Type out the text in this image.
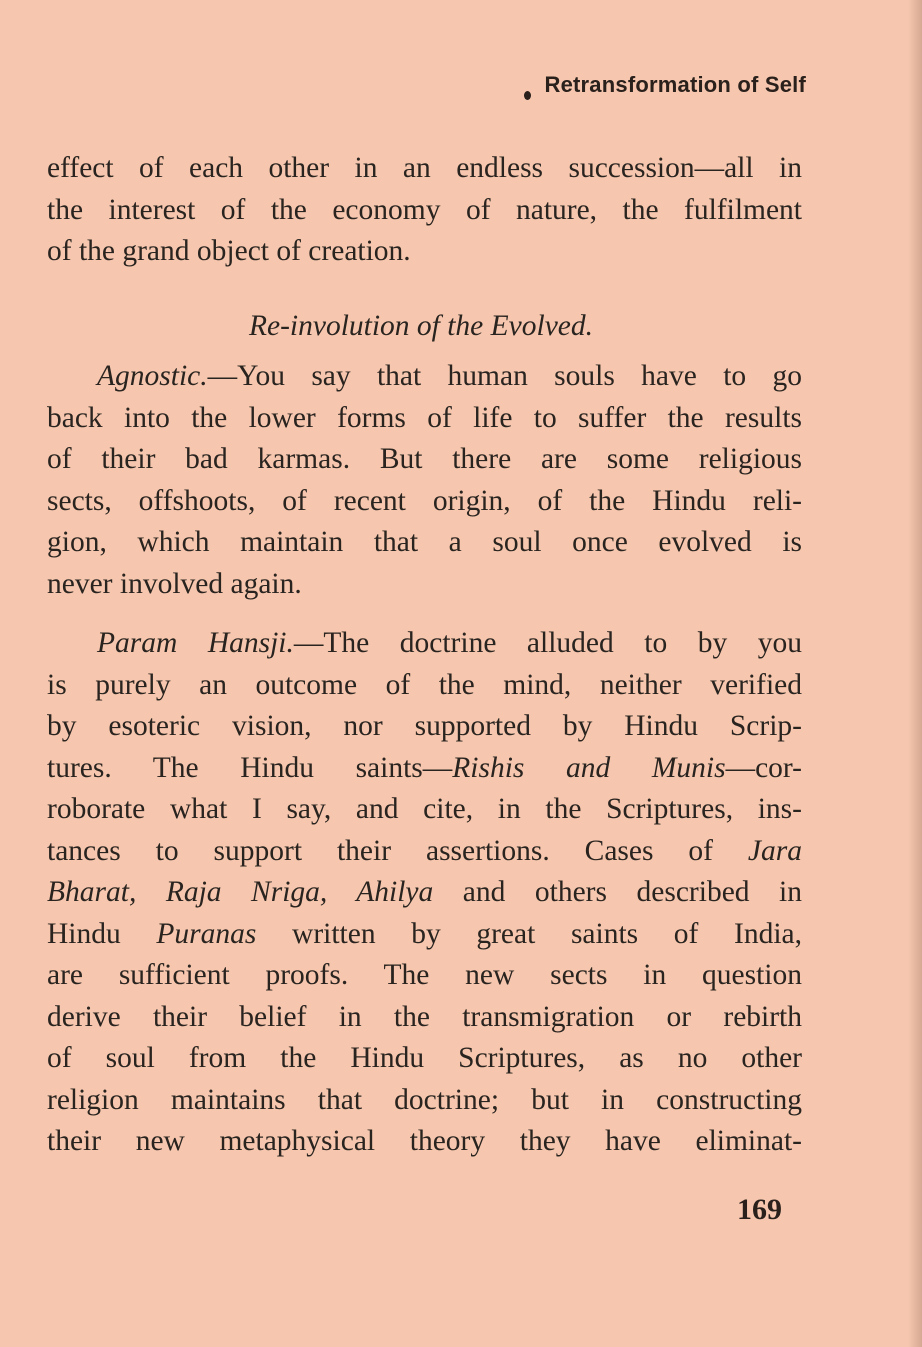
Retransformation of Self
effect of each other in an endless succession—all in
the interest of the economy of nature, the fulfilment
of the grand object of creation.
Re-involution of the Evolved.
Agnostic.—You say that human souls have to go
back into the lower forms of life to suffer the results
of their bad karmas. But there are some religious
sects, offshoots, of recent origin, of the Hindu reli-
gion, which maintain that a soul once evolved is
never involved again.
Param Hansji.—The doctrine alluded to by you
is purely an outcome of the mind, neither verified
by esoteric vision, nor supported by Hindu Scrip-
tures. The Hindu saints—Rishis and Munis—cor-
roborate what I say, and cite, in the Scriptures, ins-
tances to support their assertions. Cases of Jara
Bharat, Raja Nriga, Ahilya and others described in
Hindu Puranas written by great saints of India,
are sufficient proofs. The new sects in question
derive their belief in the transmigration or rebirth
of soul from the Hindu Scriptures, as no other
religion maintains that doctrine; but in constructing
their new metaphysical theory they have eliminat-
169
